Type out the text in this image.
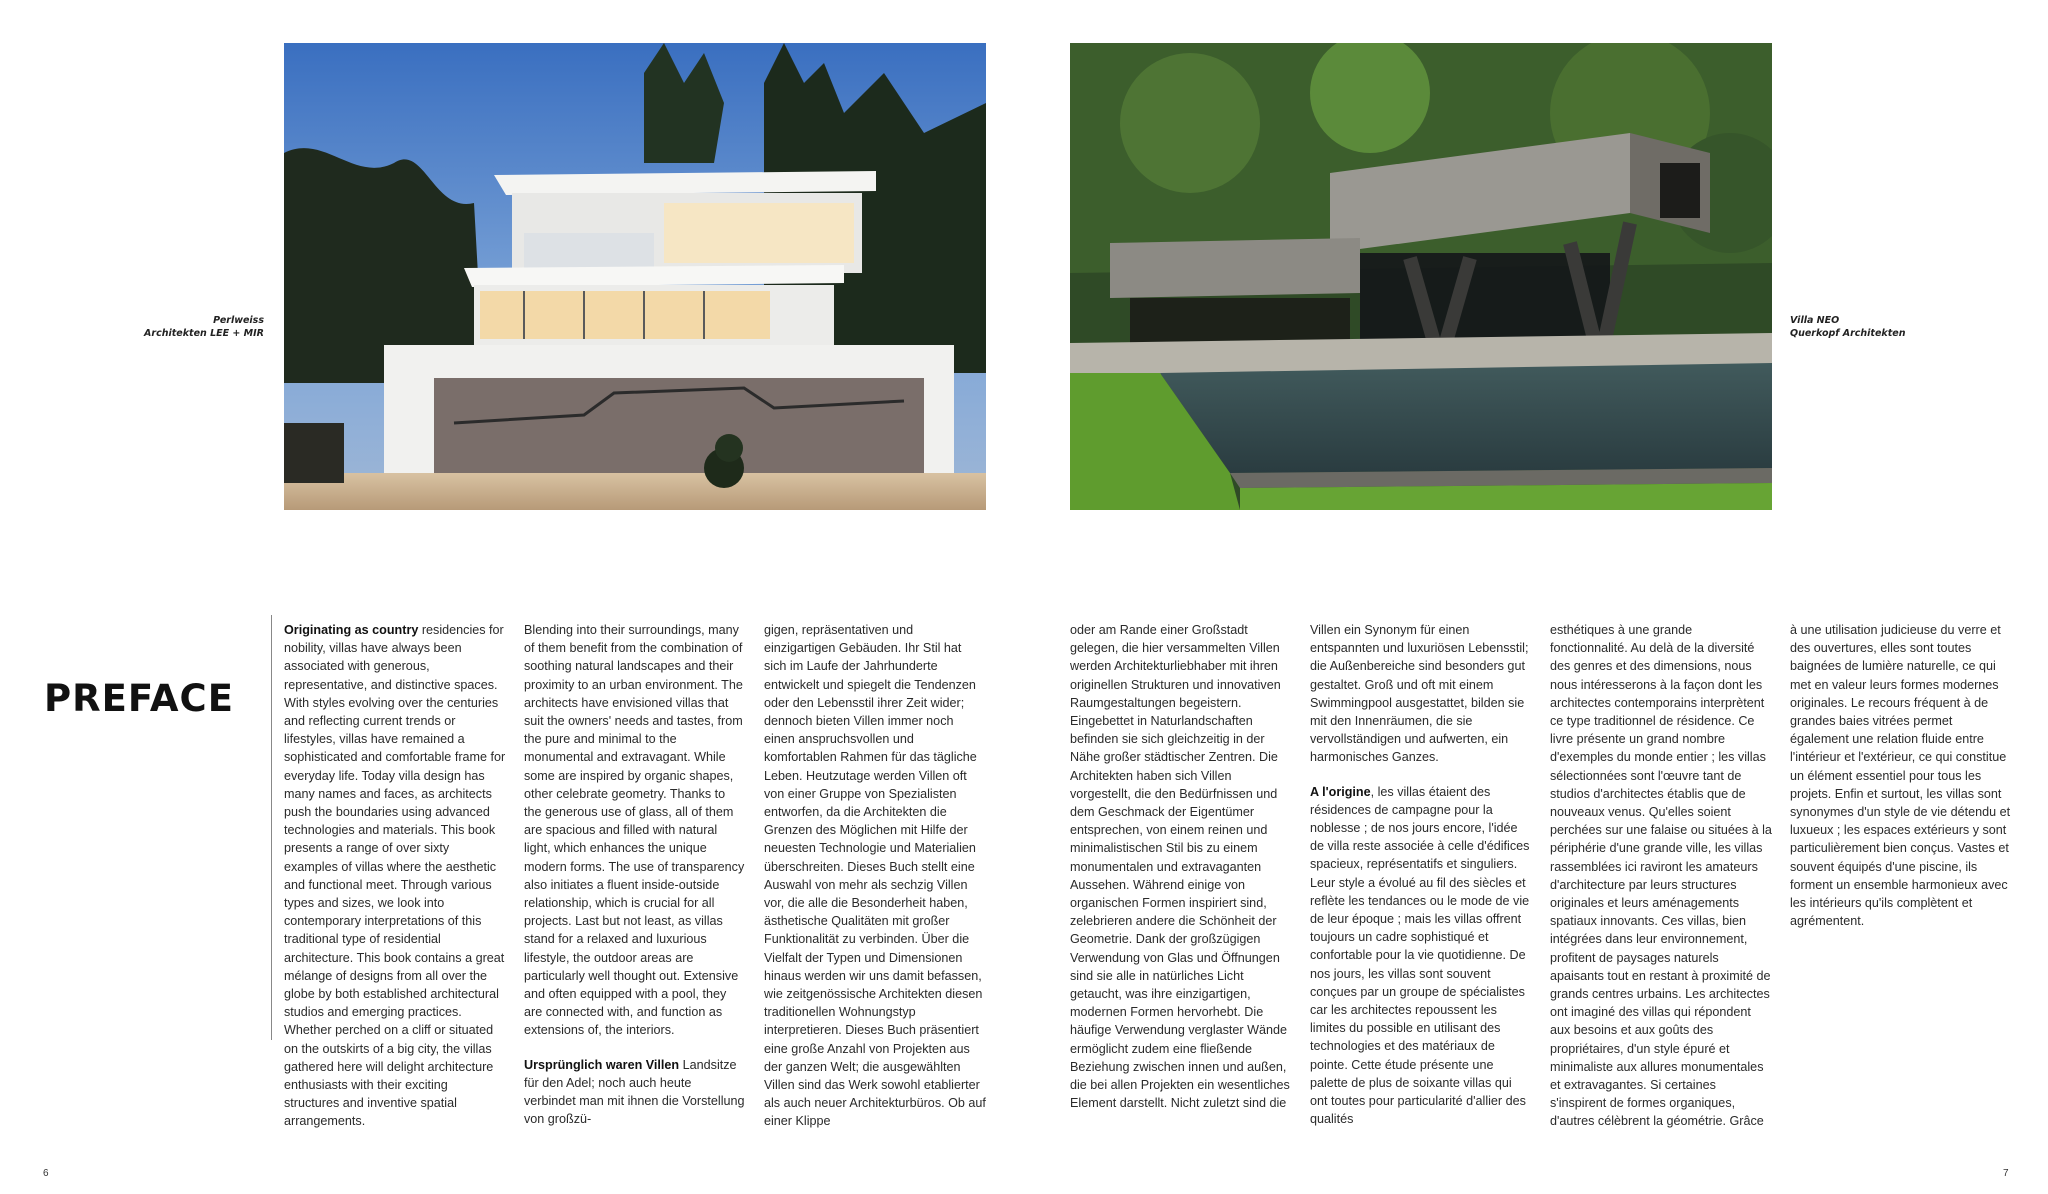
Perlweiss
Architekten LEE + MIR
Villa NEO
Querkopf Architekten
PREFACE

Originating as country residencies for nobility, villas have always been associated with generous, representative, and distinctive spaces. With styles evolving over the centuries and reflecting current trends or lifestyles, villas have remained a sophisticated and comfortable frame for everyday life. Today villa design has many names and faces, as architects push the boundaries using advanced technologies and materials. This book presents a range of over sixty examples of villas where the aesthetic and functional meet. Through various types and sizes, we look into contemporary interpretations of this traditional type of residential architecture. This book contains a great mélange of designs from all over the globe by both established architectural studios and emerging practices. Whether perched on a cliff or situated on the outskirts of a big city, the villas gathered here will delight architecture enthusiasts with their exciting structures and inventive spatial arrangements.

Blending into their surroundings, many of them benefit from the combination of soothing natural landscapes and their proximity to an urban environment. The architects have envisioned villas that suit the owners' needs and tastes, from the pure and minimal to the monumental and extravagant. While some are inspired by organic shapes, other celebrate geometry. Thanks to the generous use of glass, all of them are spacious and filled with natural light, which enhances the unique modern forms. The use of transparency also initiates a fluent inside-outside relationship, which is crucial for all projects. Last but not least, as villas stand for a relaxed and luxurious lifestyle, the outdoor areas are particularly well thought out. Extensive and often equipped with a pool, they are connected with, and function as extensions of, the interiors.

Ursprünglich waren Villen Landsitze für den Adel; noch auch heute verbindet man mit ihnen die Vorstellung von großzü-

gigen, repräsentativen und einzigartigen Gebäuden. Ihr Stil hat sich im Laufe der Jahrhunderte entwickelt und spiegelt die Tendenzen oder den Lebensstil ihrer Zeit wider; dennoch bieten Villen immer noch einen anspruchsvollen und komfortablen Rahmen für das tägliche Leben. Heutzutage werden Villen oft von einer Gruppe von Spezialisten entworfen, da die Architekten die Grenzen des Möglichen mit Hilfe der neuesten Technologie und Materialien überschreiten. Dieses Buch stellt eine Auswahl von mehr als sechzig Villen vor, die alle die Besonderheit haben, ästhetische Qualitäten mit großer Funktionalität zu verbinden. Über die Vielfalt der Typen und Dimensionen hinaus werden wir uns damit befassen, wie zeitgenössische Architekten diesen traditionellen Wohnungstyp interpretieren. Dieses Buch präsentiert eine große Anzahl von Projekten aus der ganzen Welt; die ausgewählten Villen sind das Werk sowohl etablierter als auch neuer Architekturbüros. Ob auf einer Klippe

oder am Rande einer Großstadt gelegen, die hier versammelten Villen werden Architekturliebhaber mit ihren originellen Strukturen und innovativen Raumgestaltungen begeistern. Eingebettet in Naturlandschaften befinden sie sich gleichzeitig in der Nähe großer städtischer Zentren. Die Architekten haben sich Villen vorgestellt, die den Bedürfnissen und dem Geschmack der Eigentümer entsprechen, von einem reinen und minimalistischen Stil bis zu einem monumentalen und extravaganten Aussehen. Während einige von organischen Formen inspiriert sind, zelebrieren andere die Schönheit der Geometrie. Dank der großzügigen Verwendung von Glas und Öffnungen sind sie alle in natürliches Licht getaucht, was ihre einzigartigen, modernen Formen hervorhebt. Die häufige Verwendung verglaster Wände ermöglicht zudem eine fließende Beziehung zwischen innen und außen, die bei allen Projekten ein wesentliches Element darstellt. Nicht zuletzt sind die

Villen ein Synonym für einen entspannten und luxuriösen Lebensstil; die Außenbereiche sind besonders gut gestaltet. Groß und oft mit einem Swimmingpool ausgestattet, bilden sie mit den Innenräumen, die sie vervollständigen und aufwerten, ein harmonisches Ganzes.

A l'origine, les villas étaient des résidences de campagne pour la noblesse ; de nos jours encore, l'idée de villa reste associée à celle d'édifices spacieux, représentatifs et singuliers. Leur style a évolué au fil des siècles et reflète les tendances ou le mode de vie de leur époque ; mais les villas offrent toujours un cadre sophistiqué et confortable pour la vie quotidienne. De nos jours, les villas sont souvent conçues par un groupe de spécialistes car les architectes repoussent les limites du possible en utilisant des technologies et des matériaux de pointe. Cette étude présente une palette de plus de soixante villas qui ont toutes pour particularité d'allier des qualités

esthétiques à une grande fonctionnalité. Au delà de la diversité des genres et des dimensions, nous nous intéresserons à la façon dont les architectes contemporains interprètent ce type traditionnel de résidence. Ce livre présente un grand nombre d'exemples du monde entier ; les villas sélectionnées sont l'œuvre tant de studios d'architectes établis que de nouveaux venus. Qu'elles soient perchées sur une falaise ou situées à la périphérie d'une grande ville, les villas rassemblées ici raviront les amateurs d'architecture par leurs structures originales et leurs aménagements spatiaux innovants. Ces villas, bien intégrées dans leur environnement, profitent de paysages naturels apaisants tout en restant à proximité de grands centres urbains. Les architectes ont imaginé des villas qui répondent aux besoins et aux goûts des propriétaires, d'un style épuré et minimaliste aux allures monumentales et extravagantes. Si certaines s'inspirent de formes organiques, d'autres célèbrent la géométrie. Grâce

à une utilisation judicieuse du verre et des ouvertures, elles sont toutes baignées de lumière naturelle, ce qui met en valeur leurs formes modernes originales. Le recours fréquent à de grandes baies vitrées permet également une relation fluide entre l'intérieur et l'extérieur, ce qui constitue un élément essentiel pour tous les projets. Enfin et surtout, les villas sont synonymes d'un style de vie détendu et luxueux ; les espaces extérieurs y sont particulièrement bien conçus. Vastes et souvent équipés d'une piscine, ils forment un ensemble harmonieux avec les intérieurs qu'ils complètent et agrémentent.

6	7
